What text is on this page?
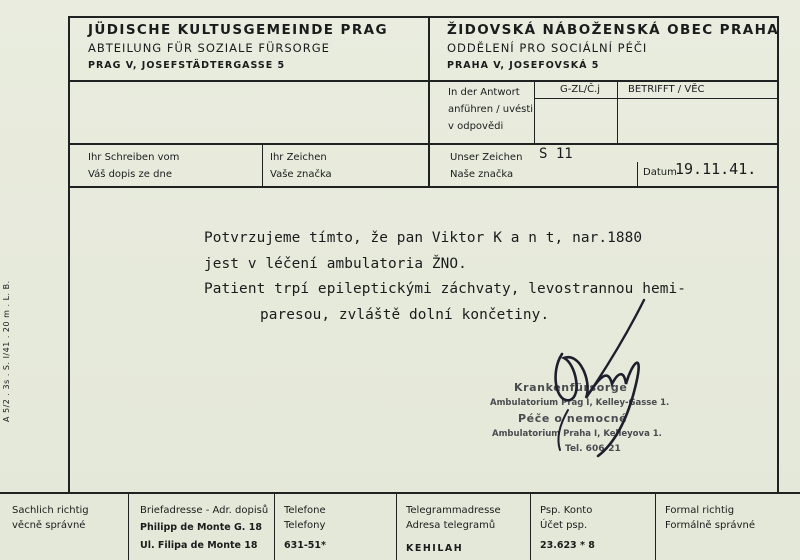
JÜDISCHE KULTUSGEMEINDE PRAG
ABTEILUNG FÜR SOZIALE FÜRSORGE
PRAG V, JOSEFSTÄDTERGASSE 5
ŽIDOVSKÁ NÁBOŽENSKÁ OBEC PRAHA
ODDĚLENÍ PRO SOCIÁLNÍ PÉČI
PRAHA V, JOSEFOVSKÁ 5
In der Antwort
anführen / uvésti
v odpovědi
G-ZL/Č.j	BETRIFFT / VĚC
Ihr Schreiben vom
Váš dopis ze dne
Ihr Zeichen
Vaše značka
Unser Zeichen
Naše značka
S 11
Datum
19.11.41.
Potvrzujeme tímto, že pan Viktor K a n t, nar.1880
jest v léčení ambulatoria ŽNO.
Patient trpí epileptickými záchvaty, levostrannou hemi-
paresou, zvláště dolní končetiny.
Krankenfürsorge
Ambulatorium Prag I, Kelley-Gasse 1.
Péče o nemocné
Ambulatorium Praha I, Kelleyova 1.
Tel. 606-21
A 5/2 . 3s . S. I/41 . 20 m . L. B.
Sachlich richtig
věcně správné
Briefadresse - Adr. dopisů
Philipp de Monte G. 18
Ul. Filipa de Monte 18
Telefone
Telefony
631-51*
Telegrammadresse
Adresa telegramů
KEHILAH
Psp. Konto
Účet psp.
23.623 * 8
Formal richtig
Formálně správné
